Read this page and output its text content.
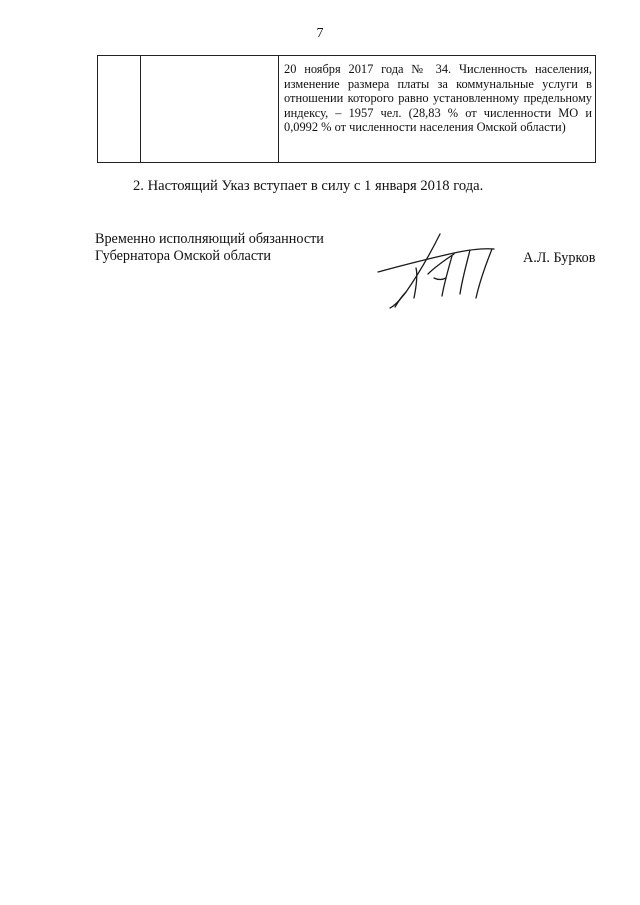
7
		20 ноября 2017 года № 34. Численность населения, изменение размера платы за коммунальные услуги в отношении которого равно установленному предельному индексу, – 1957 чел. (28,83 % от численности МО и 0,0992 % от численности населения Омской области)
2. Настоящий Указ вступает в силу с 1 января 2018 года.
Временно исполняющий обязанности
Губернатора Омской области	А.Л. Бурков
